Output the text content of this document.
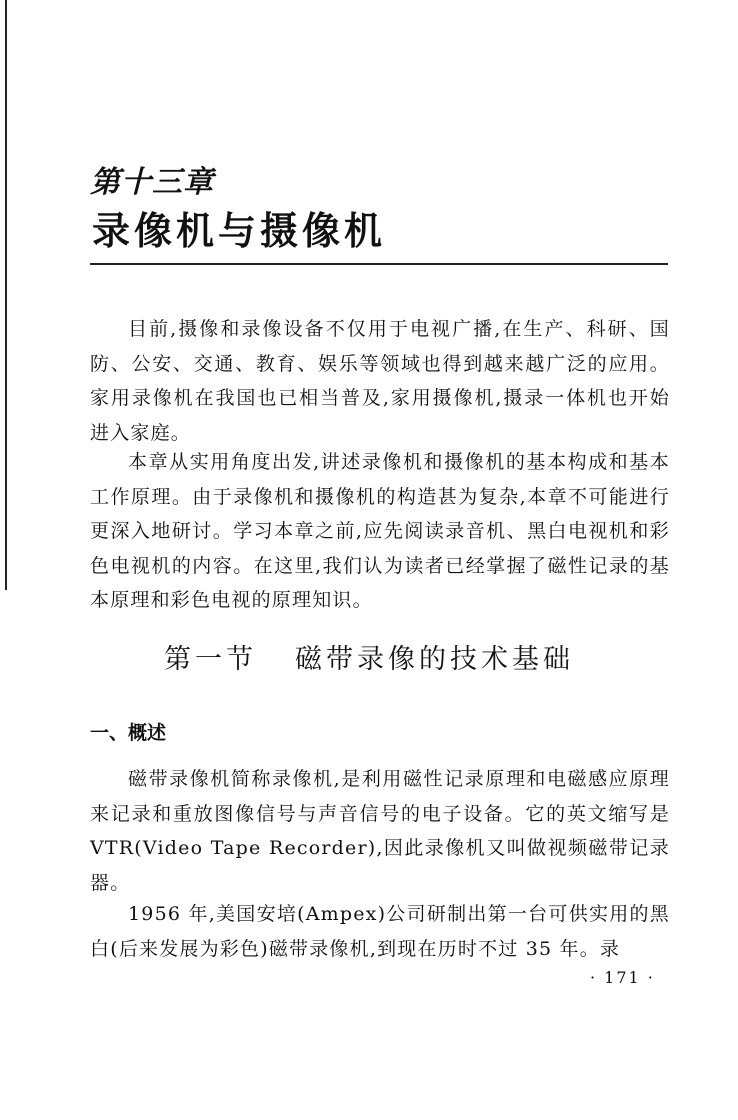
第十三章
录像机与摄像机

目前,摄像和录像设备不仅用于电视广播,在生产、科研、国防、公安、交通、教育、娱乐等领域也得到越来越广泛的应用。家用录像机在我国也已相当普及,家用摄像机,摄录一体机也开始进入家庭。

本章从实用角度出发,讲述录像机和摄像机的基本构成和基本工作原理。由于录像机和摄像机的构造甚为复杂,本章不可能进行更深入地研讨。学习本章之前,应先阅读录音机、黑白电视机和彩色电视机的内容。在这里,我们认为读者已经掌握了磁性记录的基本原理和彩色电视的原理知识。

第一节 磁带录像的技术基础
一、概述

磁带录像机简称录像机,是利用磁性记录原理和电磁感应原理来记录和重放图像信号与声音信号的电子设备。它的英文缩写是 VTR(Video Tape Recorder),因此录像机又叫做视频磁带记录器。

1956 年,美国安培(Ampex)公司研制出第一台可供实用的黑白(后来发展为彩色)磁带录像机,到现在历时不过 35 年。录

· 171 ·
